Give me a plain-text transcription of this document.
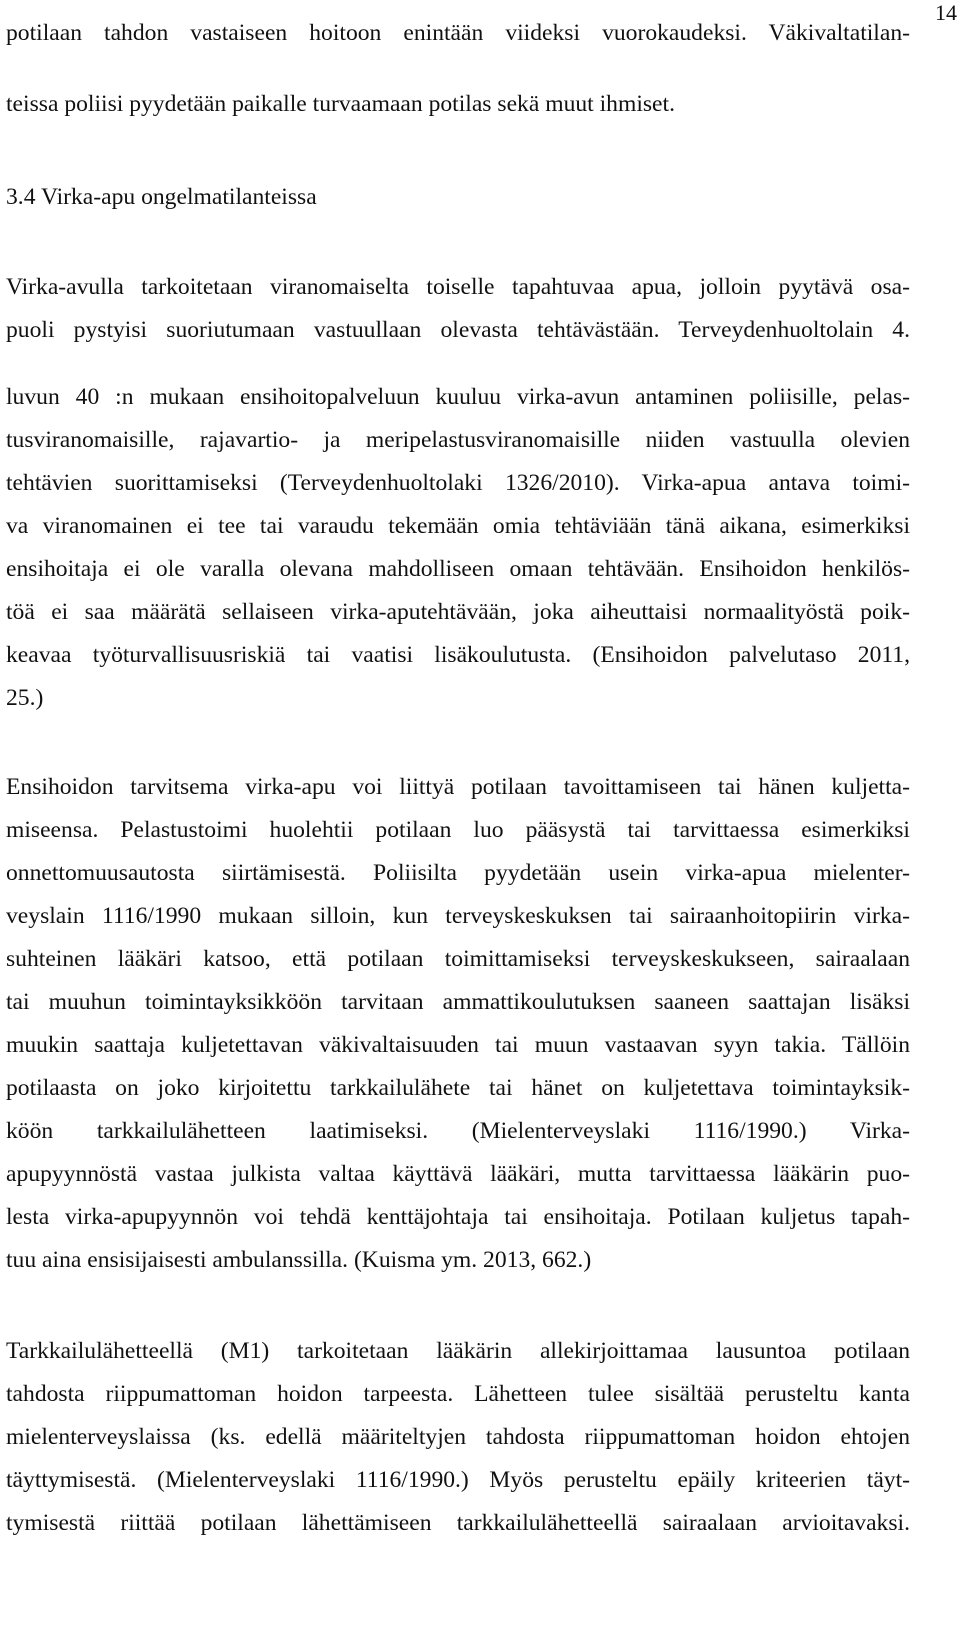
14
potilaan tahdon vastaiseen hoitoon enintään viideksi vuorokaudeksi. Väkivaltatilan-
teissa poliisi pyydetään paikalle turvaamaan potilas sekä muut ihmiset.
3.4 Virka-apu ongelmatilanteissa
Virka-avulla tarkoitetaan viranomaiselta toiselle tapahtuvaa apua, jolloin pyytävä osa-
puoli pystyisi suoriutumaan vastuullaan olevasta tehtävästään. Terveydenhuoltolain 4.
luvun 40 :n mukaan ensihoitopalveluun kuuluu virka-avun antaminen poliisille, pelas-
tusviranomaisille, rajavartio- ja meripelastusviranomaisille niiden vastuulla olevien
tehtävien suorittamiseksi (Terveydenhuoltolaki 1326/2010). Virka-apua antava toimi-
va viranomainen ei tee tai varaudu tekemään omia tehtäviään tänä aikana, esimerkiksi
ensihoitaja ei ole varalla olevana mahdolliseen omaan tehtävään. Ensihoidon henkilös-
töä ei saa määrätä sellaiseen virka-aputehtävään, joka aiheuttaisi normaalityöstä poik-
keavaa työturvallisuusriskiä tai vaatisi lisäkoulutusta. (Ensihoidon palvelutaso 2011,
25.)
Ensihoidon tarvitsema virka-apu voi liittyä potilaan tavoittamiseen tai hänen kuljetta-
miseensa. Pelastustoimi huolehtii potilaan luo pääsystä tai tarvittaessa esimerkiksi
onnettomuusautosta siirtämisestä. Poliisilta pyydetään usein virka-apua mielenter-
veyslain 1116/1990 mukaan silloin, kun terveyskeskuksen tai sairaanhoitopiirin virka-
suhteinen lääkäri katsoo, että potilaan toimittamiseksi terveyskeskukseen, sairaalaan
tai muuhun toimintayksikköön tarvitaan ammattikoulutuksen saaneen saattajan lisäksi
muukin saattaja kuljetettavan väkivaltaisuuden tai muun vastaavan syyn takia. Tällöin
potilaasta on joko kirjoitettu tarkkailulähete tai hänet on kuljetettava toimintayksik-
köön tarkkailulähetteen laatimiseksi. (Mielenterveyslaki 1116/1990.) Virka-
apupyynnöstä vastaa julkista valtaa käyttävä lääkäri, mutta tarvittaessa lääkärin puo-
lesta virka-apupyynnön voi tehdä kenttäjohtaja tai ensihoitaja. Potilaan kuljetus tapah-
tuu aina ensisijaisesti ambulanssilla. (Kuisma ym. 2013, 662.)
Tarkkailulähetteellä (M1) tarkoitetaan lääkärin allekirjoittamaa lausuntoa potilaan
tahdosta riippumattoman hoidon tarpeesta. Lähetteen tulee sisältää perusteltu kanta
mielenterveyslaissa (ks. edellä määriteltyjen tahdosta riippumattoman hoidon ehtojen
täyttymisestä. (Mielenterveyslaki 1116/1990.) Myös perusteltu epäily kriteerien täyt-
tymisestä riittää potilaan lähettämiseen tarkkailulähetteellä sairaalaan arvioitavaksi.
